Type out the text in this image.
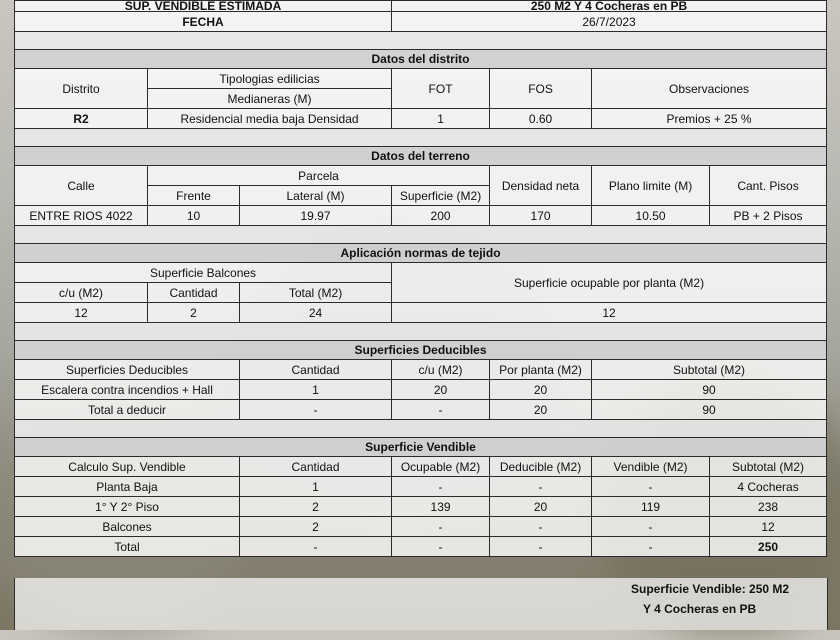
SUP. VENDIBLE ESTIMADA			250 M2 Y 4 Cocheras en PB			
FECHA			26/7/2023			

Datos del distrito						
Distrito	Tipologias edilicias		FOT	FOS	Observaciones	
	Medianeras (M)					
R2	Residencial media baja Densidad		1	0.60	Premios + 25 %	

Datos del terreno						
Calle	Parcela			Densidad neta	Plano limite (M)	Cant. Pisos
	Frente	Lateral (M)	Superficie (M2)			
ENTRE RIOS 4022	10	19.97	200	170	10.50	PB + 2 Pisos

Aplicación normas de tejido						
Superficie Balcones			Superficie ocupable por planta (M2)			
c/u (M2)	Cantidad	Total (M2)				
12	2	24	12			

Superficies Deducibles						
Superficies Deducibles		Cantidad	c/u (M2)	Por planta (M2)	Subtotal (M2)	
Escalera contra incendios + Hall		1	20	20	90	
Total a deducir		-	-	20	90	

Superficie Vendible						
Calculo Sup. Vendible		Cantidad	Ocupable (M2)	Deducible (M2)	Vendible (M2)	Subtotal (M2)
Planta Baja		1	-	-	-	4 Cocheras
1° Y 2° Piso		2	139	20	119	238
Balcones		2	-	-	-	12
Total		-	-	-	-	250
Superficie Vendible: 250 M2
Y 4 Cocheras en PB
